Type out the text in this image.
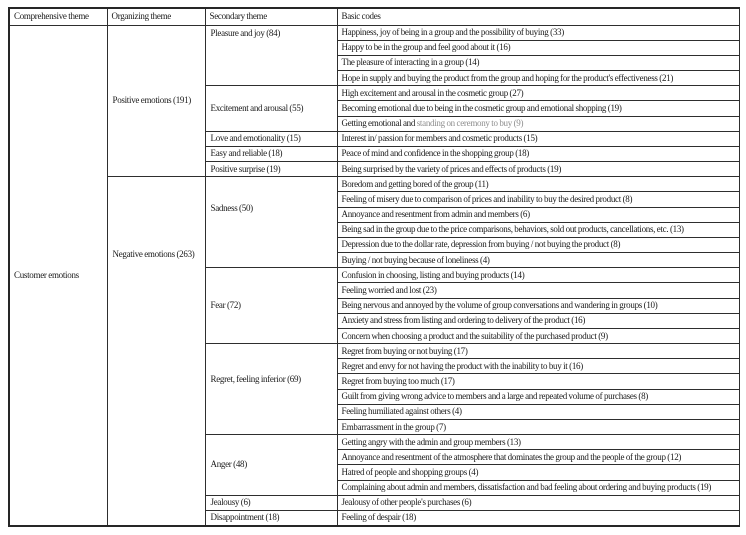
Comprehensive theme	Organizing theme	Secondary theme	Basic codes
Customer emotions	Positive emotions (191)	Pleasure and joy (84)	Happiness, joy of being in a group and the possibility of buying (33)
			Happy to be in the group and feel good about it (16)
			The pleasure of interacting in a group (14)
			Hope in supply and buying the product from the group and hoping for the product's effectiveness (21)
		Excitement and arousal (55)	High excitement and arousal in the cosmetic group (27)
			Becoming emotional due to being in the cosmetic group and emotional shopping (19)
			Getting emotional and standing on ceremony to buy (9)
		Love and emotionality (15)	Interest in/ passion for members and cosmetic products (15)
		Easy and reliable (18)	Peace of mind and confidence in the shopping group (18)
		Positive surprise (19)	Being surprised by the variety of prices and effects of products (19)
	Negative emotions (263)	Sadness (50)	Boredom and getting bored of the group (11)
			Feeling of misery due to comparison of prices and inability to buy the desired product (8)
			Annoyance and resentment from admin and members (6)
			Being sad in the group due to the price comparisons, behaviors, sold out products, cancellations, etc. (13)
			Depression due to the dollar rate, depression from buying / not buying the product (8)
			Buying / not buying because of loneliness (4)
		Fear (72)	Confusion in choosing, listing and buying products (14)
			Feeling worried and lost (23)
			Being nervous and annoyed by the volume of group conversations and wandering in groups (10)
			Anxiety and stress from listing and ordering to delivery of the product (16)
			Concern when choosing a product and the suitability of the purchased product (9)
		Regret, feeling inferior (69)	Regret from buying or not buying (17)
			Regret and envy for not having the product with the inability to buy it (16)
			Regret from buying too much (17)
			Guilt from giving wrong advice to members and a large and repeated volume of purchases (8)
			Feeling humiliated against others (4)
			Embarrassment in the group (7)
		Anger (48)	Getting angry with the admin and group members (13)
			Annoyance and resentment of the atmosphere that dominates the group and the people of the group (12)
			Hatred of people and shopping groups (4)
			Complaining about admin and members, dissatisfaction and bad feeling about ordering and buying products (19)
		Jealousy (6)	Jealousy of other people's purchases (6)
		Disappointment (18)	Feeling of despair (18)
